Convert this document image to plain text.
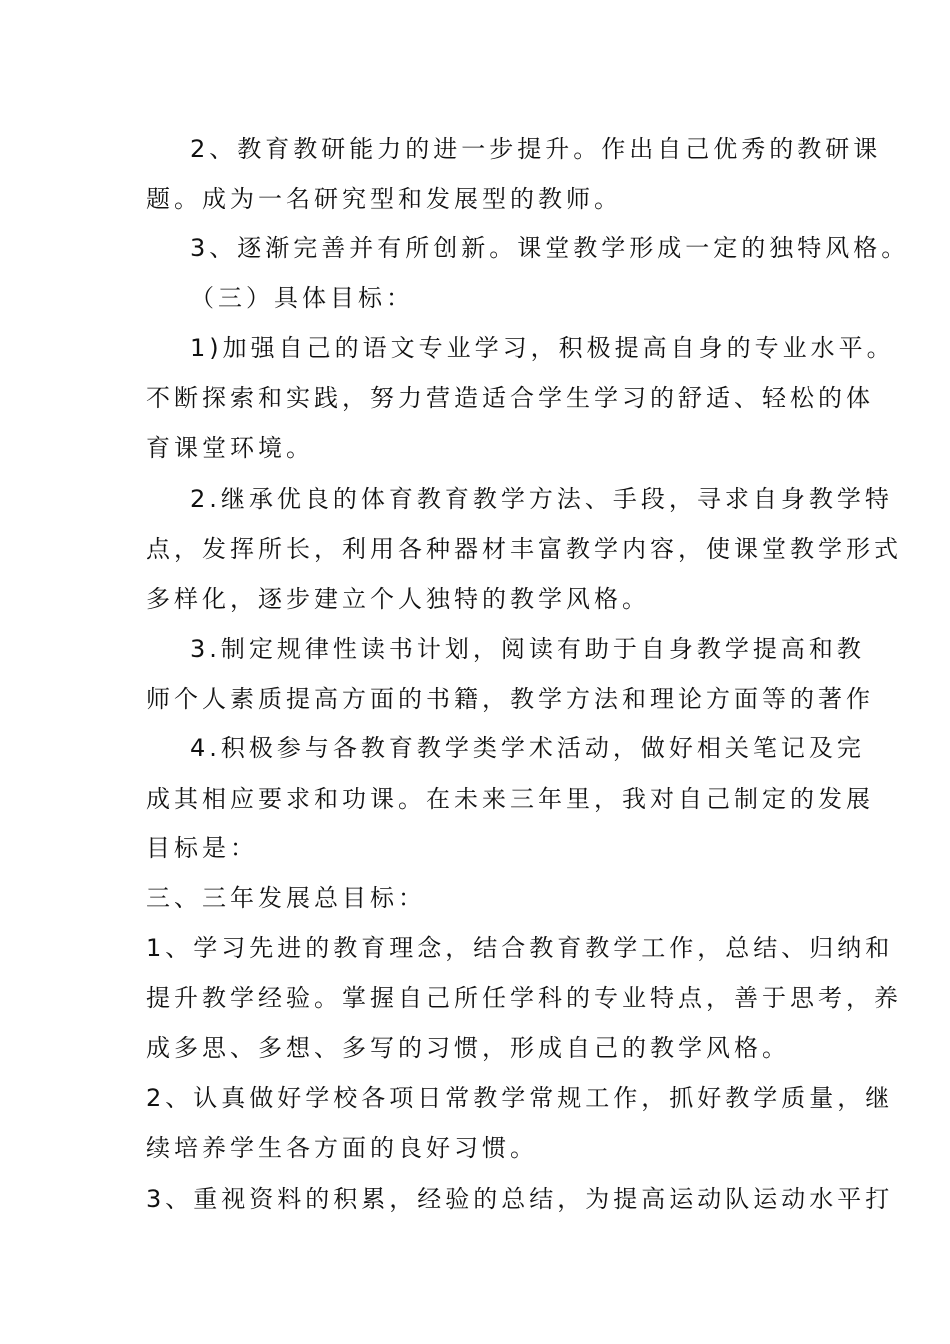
2、教育教研能力的进一步提升。作出自己优秀的教研课
题。成为一名研究型和发展型的教师。
3、逐渐完善并有所创新。课堂教学形成一定的独特风格。
（三）具体目标：
1)加强自己的语文专业学习，积极提高自身的专业水平。
不断探索和实践，努力营造适合学生学习的舒适、轻松的体
育课堂环境。
2.继承优良的体育教育教学方法、手段，寻求自身教学特
点，发挥所长，利用各种器材丰富教学内容，使课堂教学形式
多样化，逐步建立个人独特的教学风格。
3.制定规律性读书计划，阅读有助于自身教学提高和教
师个人素质提高方面的书籍，教学方法和理论方面等的著作
4.积极参与各教育教学类学术活动，做好相关笔记及完
成其相应要求和功课。在未来三年里，我对自己制定的发展
目标是：
三、三年发展总目标：
1、学习先进的教育理念，结合教育教学工作，总结、归纳和
提升教学经验。掌握自己所任学科的专业特点，善于思考，养
成多思、多想、多写的习惯，形成自己的教学风格。
2、认真做好学校各项日常教学常规工作，抓好教学质量，继
续培养学生各方面的良好习惯。
3、重视资料的积累，经验的总结，为提高运动队运动水平打
